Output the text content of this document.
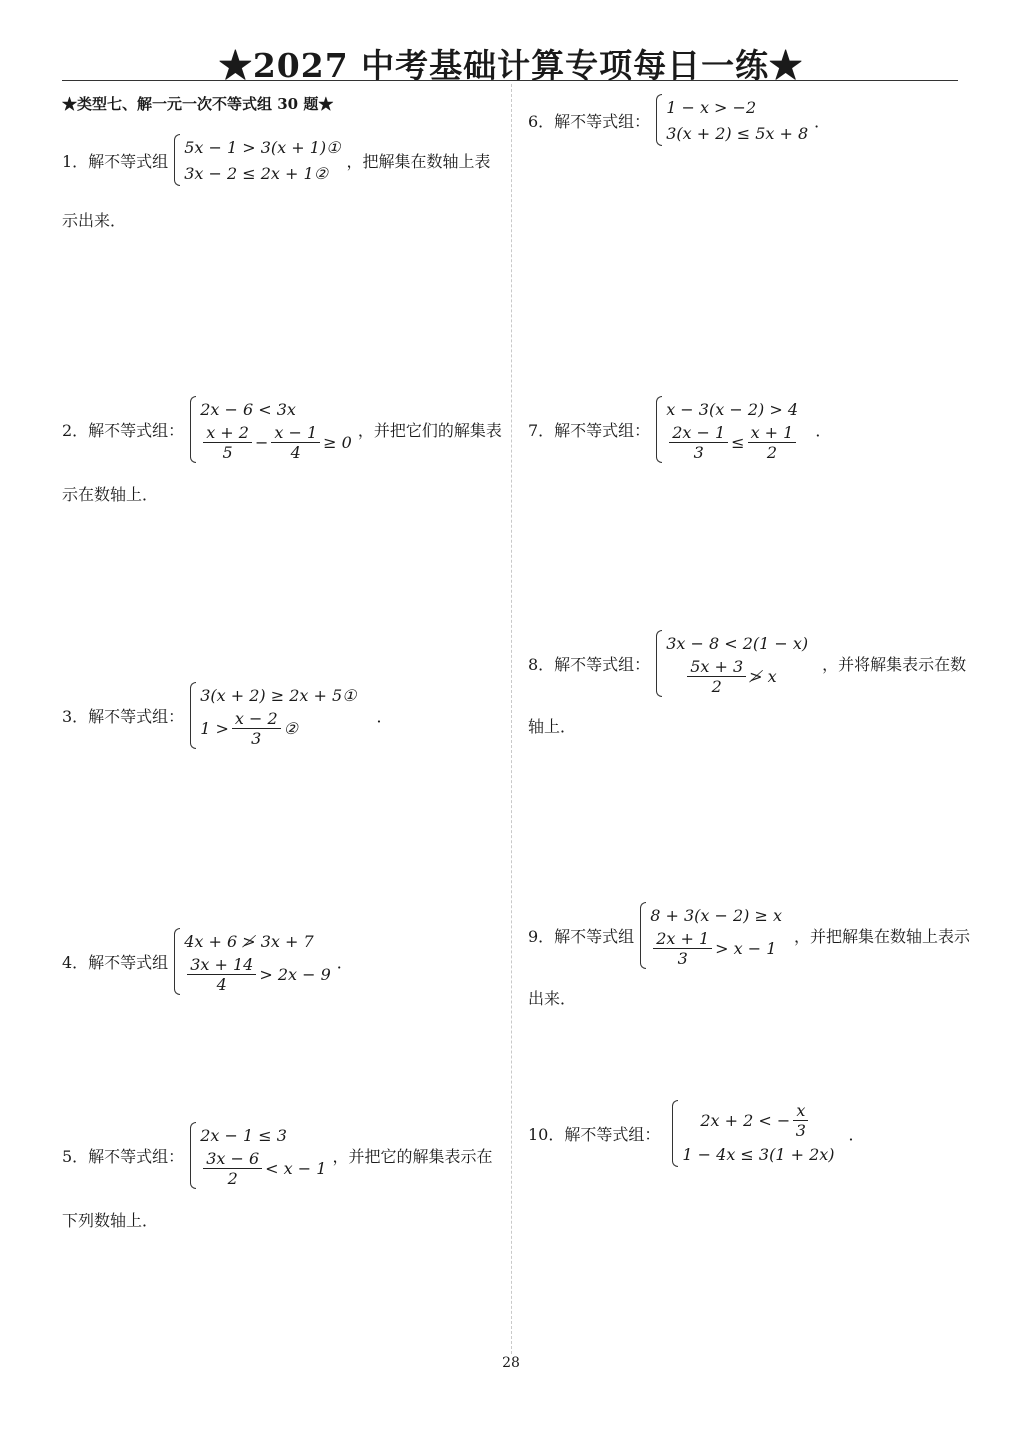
★2027 中考基础计算专项每日一练★
★类型七、解一元一次不等式组 30 题★
1．解不等式组
5x − 1 > 3(x + 1)①
3x − 2 ≤ 2x + 1②
，把解集在数轴上表
示出来．
2．解不等式组：
2x − 6 < 3x
$\frac{x + 2}{5} - \frac{x - 1}{4} \ge 0$
，并把它们的解集表
示在数轴上．
3．解不等式组：
3(x + 2) ≥ 2x + 5①
$1 > \frac{x - 2}{3}$ ②
．
4．解不等式组
4x + 6 ≯ 3x + 7
$\frac{3x + 14}{4} > 2x - 9$
．
5．解不等式组：
2x − 1 ≤ 3
$\frac{3x - 6}{2} < x - 1$
，并把它的解集表示在
下列数轴上．
6．解不等式组：
1 − x > −2
3(x + 2) ≤ 5x + 8
．
7．解不等式组：
x − 3(x − 2) > 4
$\frac{2x - 1}{3} \le \frac{x + 1}{2}$ ．
8．解不等式组：
3x − 8 < 2(1 − x)
$\frac{5x + 3}{2}$ ≯ x
，并将解集表示在数
轴上．
9．解不等式组
8 + 3(x − 2) ≥ x
$\frac{2x + 1}{3} > x - 1$
，并把解集在数轴上表示
出来．
10．解不等式组：
2x + 2 < − $\frac{x}{3}$
1 − 4x ≤ 3(1 + 2x)
．
28
